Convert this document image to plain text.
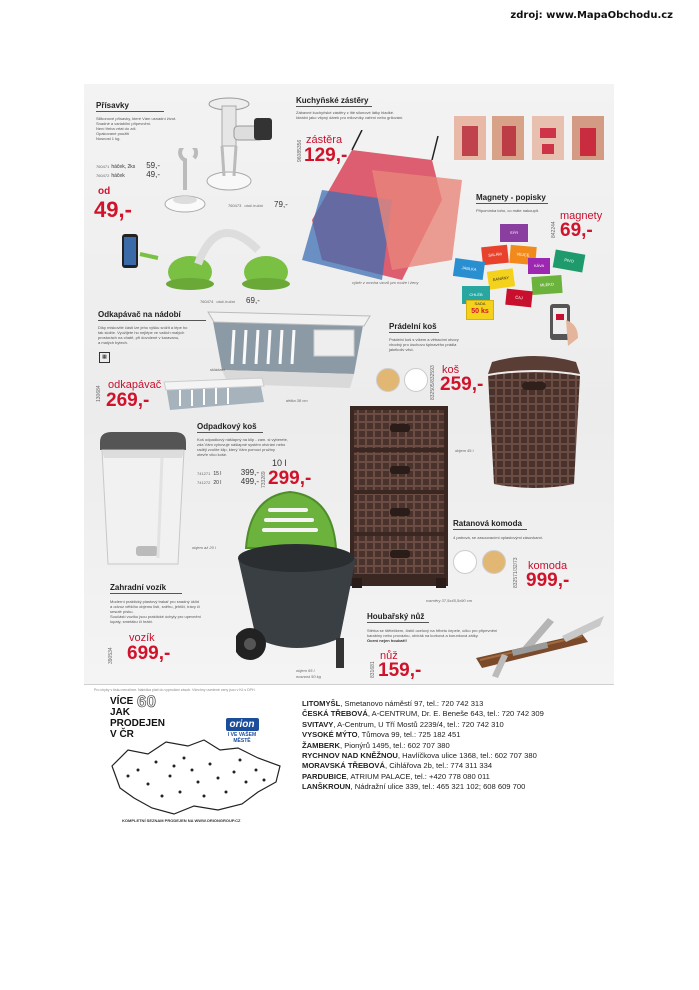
zdroj: www.MapaObchodu.cz
Přísavky
Silikonové přísavky, které Vám usnadní život.
Snadné a variabilní připevnění.
Není třeba vrtat do zdi.
Opakované použití
Nosnost 1 kg.
760471 háček, 2ks 59,-
760472 háček	49,-
od
49,-	760473 otoč./ruční 79,-
760474 otoč./ruční 69,-
Kuchyňské zástěry
Zábavné kuchyňské zástěry z lité silonové látky hladké.
Ideální jako vtipný dárek pro milovníky vaření nebo grilování.
96085356 zástěra
129,-
výběr z mnoha vzorů pro muže i ženy
Magnety - popisky
Připomínka toho, co máte nakoupit.
842244
magnety
69,-
SÝR
SALÁM	VEJCE
JABLKA
MLÉKO
BANÁNY
PIVO
CHLÉB
ČAJ
KÁVA
SADA
50 ks
Odkapávač na nádobí
Díky miskovité části lze jeho výšku snížit a lépe ho
tak složte. Využijete ho nejlépe ve vašich malých
prostorách na chatě, při dovolené v karavanu,
a malých bytech.
▦
130684
odkapávač
269,-
skládací
délka 38 cm
Prádelní koš
Prádelní koš s víkem a větracími otvory
vhodný pro úschovu špinavého prádla
jakékoliv věci.
832505/832593 koš
259,-
objem 45 l
Odpadkový koš
Koš odpadkový nášlapný na klip - zam. si vyberete,
zda Vám vyhovuje nášlapné systém otvírání nebo
raději zvolíte klip, který Vám pomocí pružiny
otevře víko koše.
741271 15 l 399,-
741272 20 l 499,- 733269
10 l
299,-
objem až 20 l
Ratanová komoda
4 patrová, se zasouvacími oplastovými zásuvkami.
832571/32/73 komoda
999,-
rozměry 37,5x45,5x90 cm
Zahradní vozík
Moderní praktický plastový trakař pro snadný úklid
a odvoz většího objemu listí, sněhu, jehličí, trávy či
sesuté písku.
Součástí vozíku jsou praktické úchyty pro upevnění
lopaty, smetáku či hrábí.
390534
vozík
699,-
objem 65 l
nosnost 50 kg
Houbařský nůž
Stěrka se štětečkem, čistič ocelový na hřbetu čepele, očko pro připevnění
karabiny nebo provázku, otvírák na korková a korunková zátky.
Ocení nejen houbaři!
831681
nůž
159,-
Pro chyby v tisku neručíme. Nabídka platí do vyprodání zásob. Všechny uvedené ceny jsou v Kč s DPH.
VÍCE
JAK
PRODEJEN
V ČR
60
orion
I VE VAŠEM
MĚSTĚ
KOMPLETNÍ SEZNAM PRODEJEN NA WWW.ORIONGROUP.CZ
LITOMYŠL, Smetanovo náměstí 97, tel.: 720 742 313
ČESKÁ TŘEBOVÁ, A-CENTRUM, Dr. E. Beneše 643, tel.: 720 742 309
SVITAVY, A-Centrum, U Tří Mostů 2239/4, tel.: 720 742 310
VYSOKÉ MÝTO, Tůmova 99, tel.: 725 182 451
ŽAMBERK, Pionýrů 1495, tel.: 602 707 380
RYCHNOV NAD KNĚŽNOU, Havlíčkova ulice 1368, tel.: 602 707 380
MORAVSKÁ TŘEBOVÁ, Cihlářova 2b, tel.: 774 311 334
PARDUBICE, ATRIUM PALACE, tel.: +420 778 080 011
LANŠKROUN, Nádražní ulice 339, tel.: 465 321 102; 608 609 700
